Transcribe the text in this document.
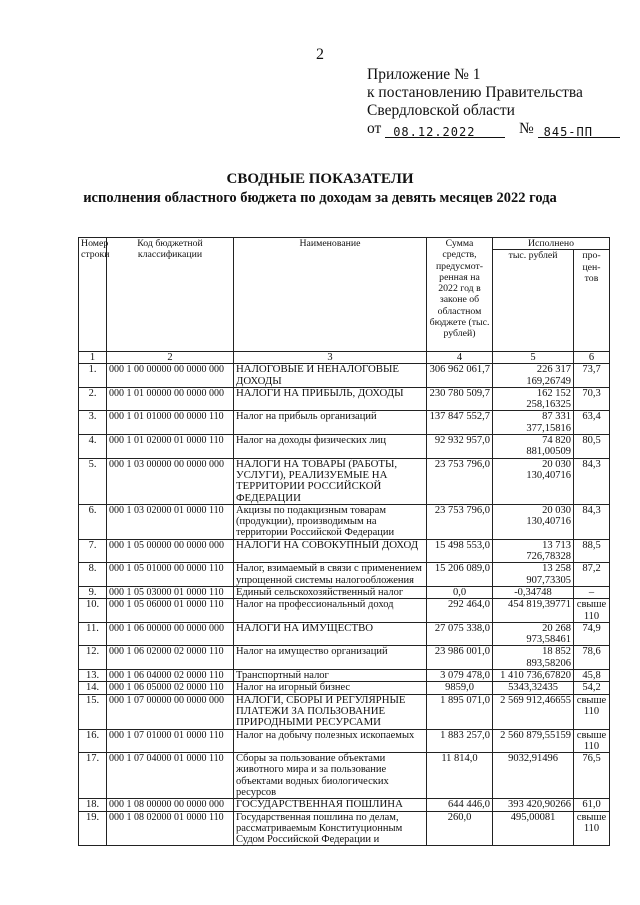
2
Приложение № 1
к постановлению Правительства
Свердловской области
от 08.12.2022	№ 845-ПП
СВОДНЫЕ ПОКАЗАТЕЛИ
исполнения областного бюджета по доходам за девять месяцев 2022 года
Номер строки	Код бюджетной классификации	Наименование	Сумма средств, предусмот-ренная на 2022 год в законе об областном бюджете (тыс. рублей)	Исполнено	
				тыс. рублей	про-цен-тов
1	2	3	4	5	6
1.	000 1 00 00000 00 0000 000	НАЛОГОВЫЕ И НЕНАЛОГОВЫЕ ДОХОДЫ	306 962 061,7	226 317 169,26749	73,7
2.	000 1 01 00000 00 0000 000	НАЛОГИ НА ПРИБЫЛЬ, ДОХОДЫ	230 780 509,7	162 152 258,16325	70,3
3.	000 1 01 01000 00 0000 110	Налог на прибыль организаций	137 847 552,7	87 331 377,15816	63,4
4.	000 1 01 02000 01 0000 110	Налог на доходы физических лиц	92 932 957,0	74 820 881,00509	80,5
5.	000 1 03 00000 00 0000 000	НАЛОГИ НА ТОВАРЫ (РАБОТЫ, УСЛУГИ), РЕАЛИЗУЕМЫЕ НА ТЕРРИТОРИИ РОССИЙСКОЙ ФЕДЕРАЦИИ	23 753 796,0	20 030 130,40716	84,3
6.	000 1 03 02000 01 0000 110	Акцизы по подакцизным товарам (продукции), производимым на территории Российской Федерации	23 753 796,0	20 030 130,40716	84,3
7.	000 1 05 00000 00 0000 000	НАЛОГИ НА СОВОКУПНЫЙ ДОХОД	15 498 553,0	13 713 726,78328	88,5
8.	000 1 05 01000 00 0000 110	Налог, взимаемый в связи с применением упрощенной системы налогообложения	15 206 089,0	13 258 907,73305	87,2
9.	000 1 05 03000 01 0000 110	Единый сельскохозяйственный налог	0,0	-0,34748	–
10.	000 1 05 06000 01 0000 110	Налог на профессиональный доход	292 464,0	454 819,39771	свыше 110
11.	000 1 06 00000 00 0000 000	НАЛОГИ НА ИМУЩЕСТВО	27 075 338,0	20 268 973,58461	74,9
12.	000 1 06 02000 02 0000 110	Налог на имущество организаций	23 986 001,0	18 852 893,58206	78,6
13.	000 1 06 04000 02 0000 110	Транспортный налог	3 079 478,0	1 410 736,67820	45,8
14.	000 1 06 05000 02 0000 110	Налог на игорный бизнес	9859,0	5343,32435	54,2
15.	000 1 07 00000 00 0000 000	НАЛОГИ, СБОРЫ И РЕГУЛЯРНЫЕ ПЛАТЕЖИ ЗА ПОЛЬЗОВАНИЕ ПРИРОДНЫМИ РЕСУРСАМИ	1 895 071,0	2 569 912,46655	свыше 110
16.	000 1 07 01000 01 0000 110	Налог на добычу полезных ископаемых	1 883 257,0	2 560 879,55159	свыше 110
17.	000 1 07 04000 01 0000 110	Сборы за пользование объектами животного мира и за пользование объектами водных биологических ресурсов	11 814,0	9032,91496	76,5
18.	000 1 08 00000 00 0000 000	ГОСУДАРСТВЕННАЯ ПОШЛИНА	644 446,0	393 420,90266	61,0
19.	000 1 08 02000 01 0000 110	Государственная пошлина по делам, рассматриваемым Конституционным Судом Российской Федерации и	260,0	495,00081	свыше 110
